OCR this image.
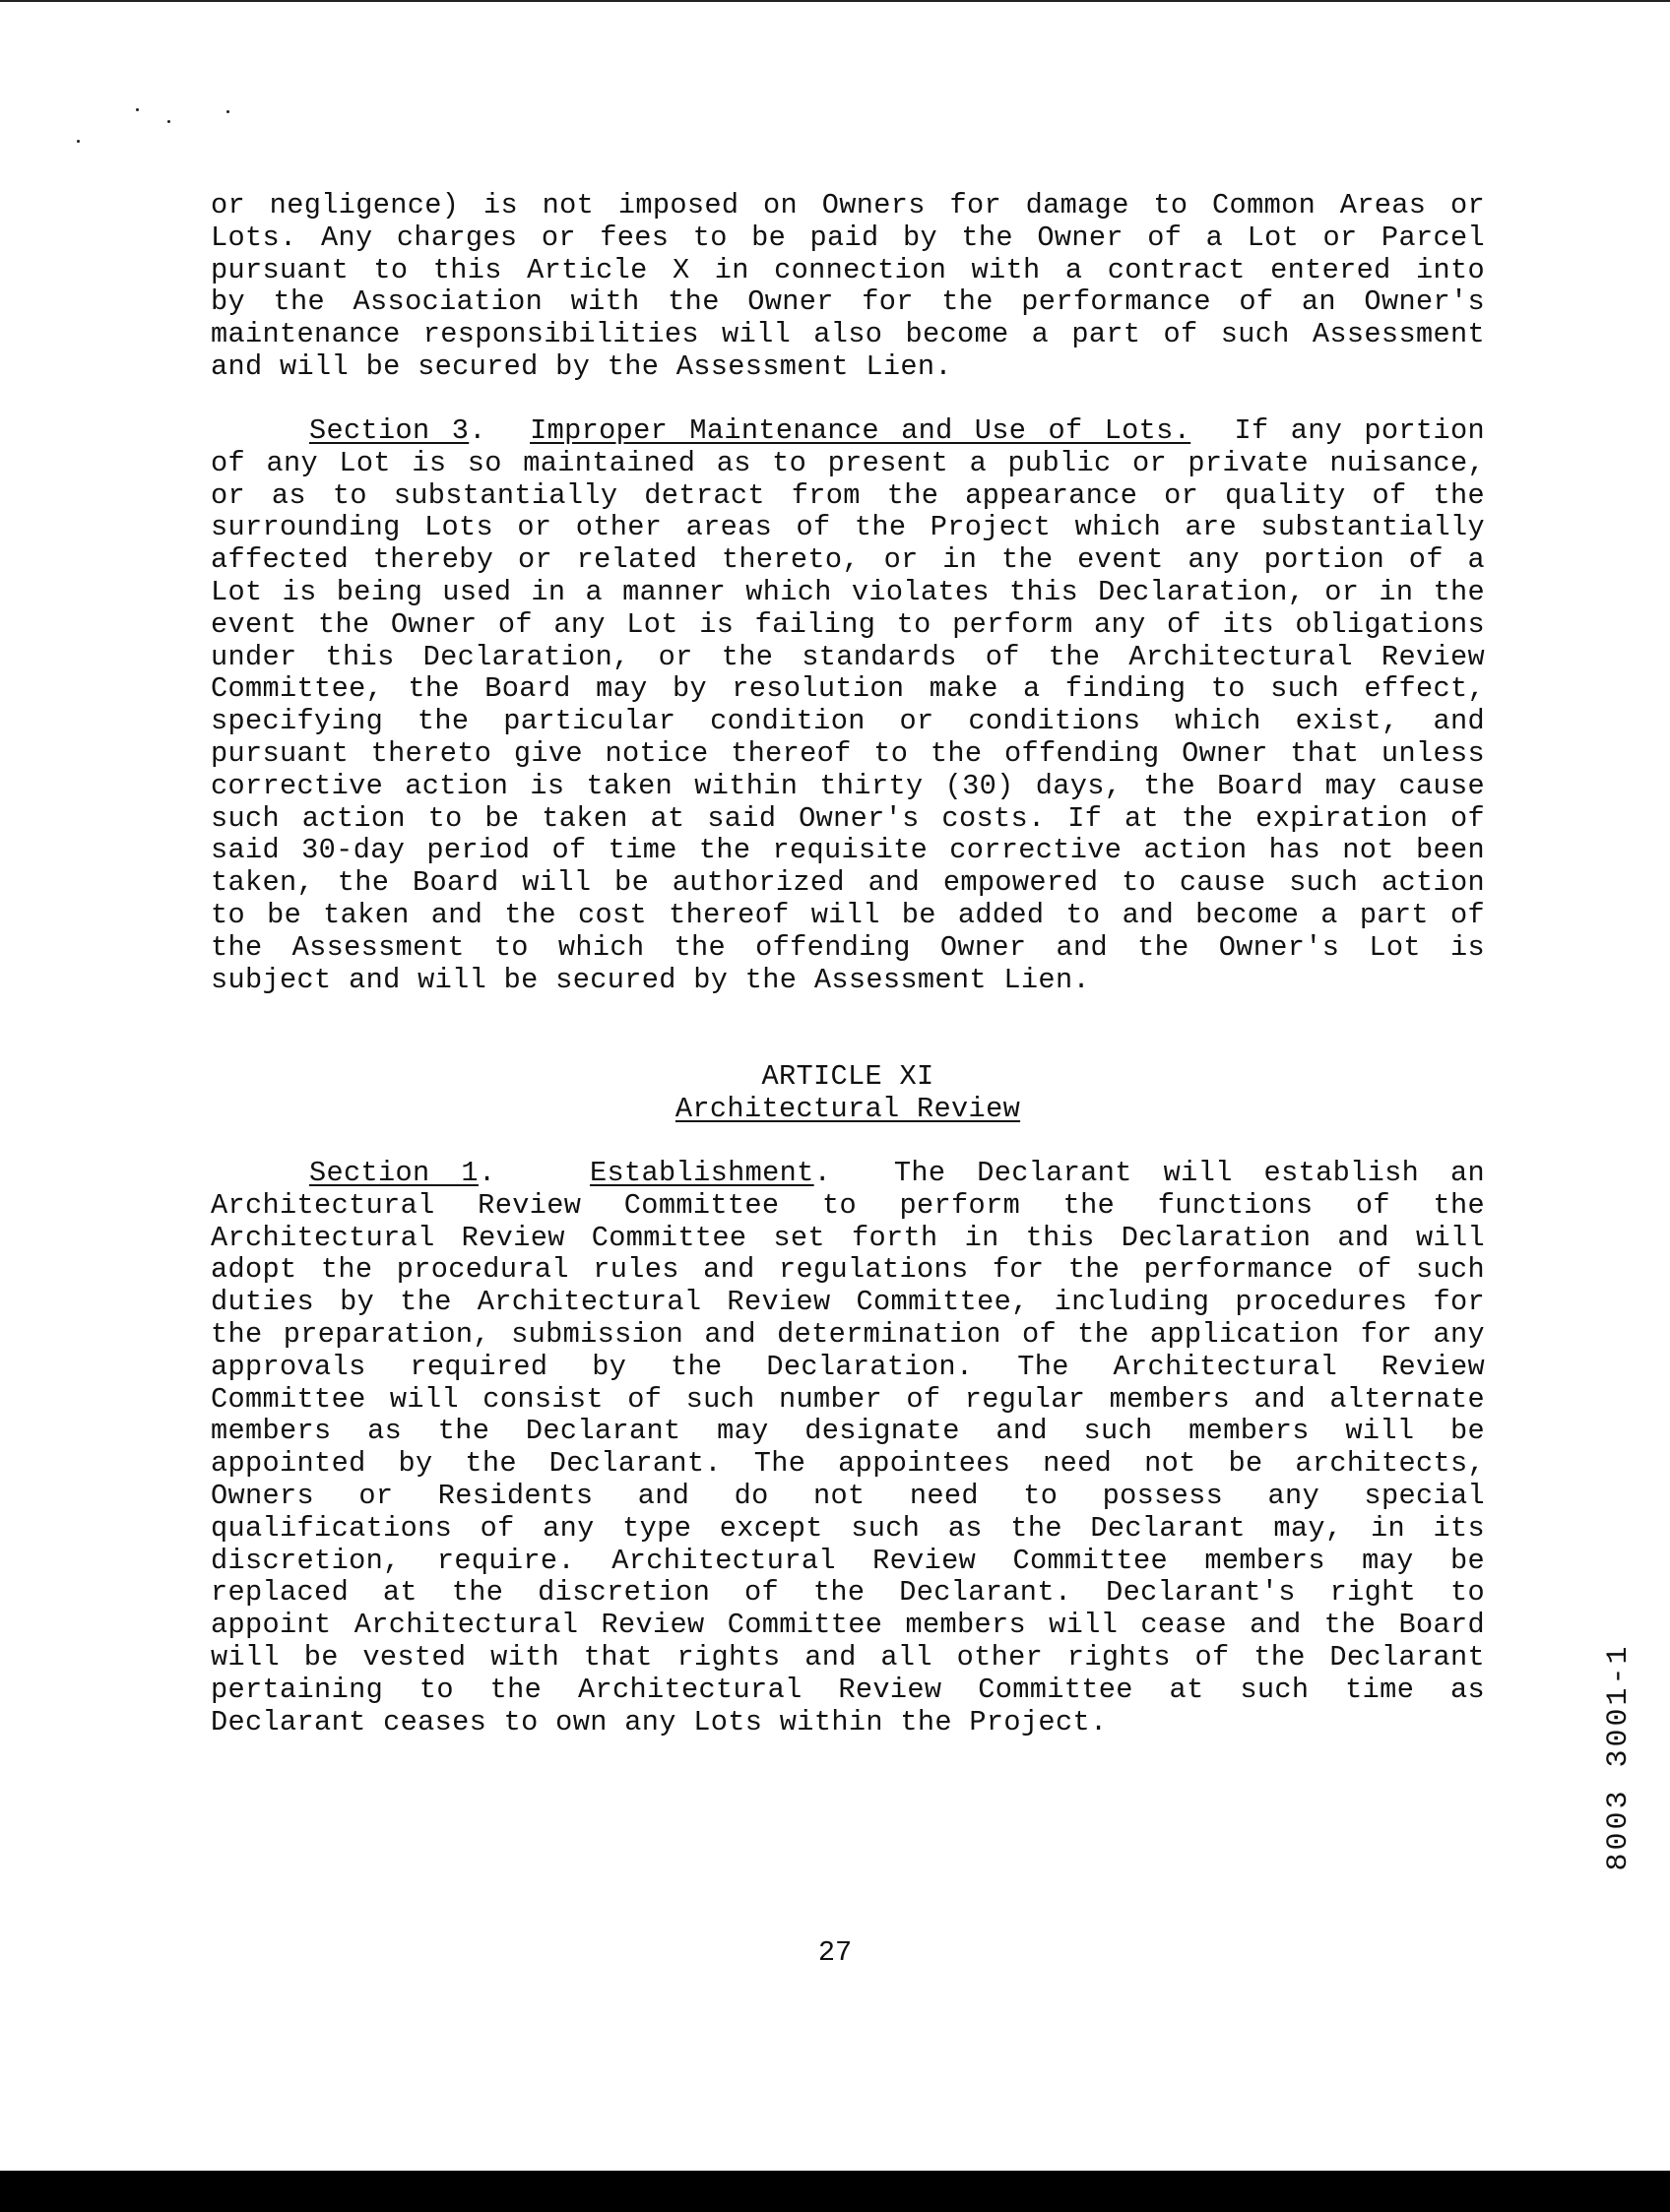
or negligence) is not imposed on Owners for damage to Common Areas or
Lots. Any charges or fees to be paid by the Owner of a Lot or Parcel
pursuant to this Article X in connection with a contract entered into
by the Association with the Owner for the performance of an Owner's
maintenance responsibilities will also become a part of such Assessment
and will be secured by the Assessment Lien.
Section 3.  Improper Maintenance and Use of Lots. If any portion
of any Lot is so maintained as to present a public or private nuisance,
or as to substantially detract from the appearance or quality of the
surrounding Lots or other areas of the Project which are substantially
affected thereby or related thereto, or in the event any portion of a
Lot is being used in a manner which violates this Declaration, or in the
event the Owner of any Lot is failing to perform any of its obligations
under this Declaration, or the standards of the Architectural Review
Committee, the Board may by resolution make a finding to such effect,
specifying the particular condition or conditions which exist, and
pursuant thereto give notice thereof to the offending Owner that unless
corrective action is taken within thirty (30) days, the Board may cause
such action to be taken at said Owner's costs. If at the expiration of
said 30-day period of time the requisite corrective action has not been
taken, the Board will be authorized and empowered to cause such action
to be taken and the cost thereof will be added to and become a part of
the Assessment to which the offending Owner and the Owner's Lot is
subject and will be secured by the Assessment Lien.
ARTICLE XI
Architectural Review
Section 1.   Establishment.  The Declarant will establish an
Architectural Review Committee to perform the functions of the
Architectural Review Committee set forth in this Declaration and will
adopt the procedural rules and regulations for the performance of such
duties by the Architectural Review Committee, including procedures for
the preparation, submission and determination of the application for any
approvals required by the Declaration. The Architectural Review
Committee will consist of such number of regular members and alternate
members as the Declarant may designate and such members will be
appointed by the Declarant. The appointees need not be architects,
Owners or Residents and do not need to possess any special
qualifications of any type except such as the Declarant may, in its
discretion, require. Architectural Review Committee members may be
replaced at the discretion of the Declarant. Declarant's right to
appoint Architectural Review Committee members will cease and the Board
will be vested with that rights and all other rights of the Declarant
pertaining to the Architectural Review Committee at such time as
Declarant ceases to own any Lots within the Project.	8003 3001-1
27
